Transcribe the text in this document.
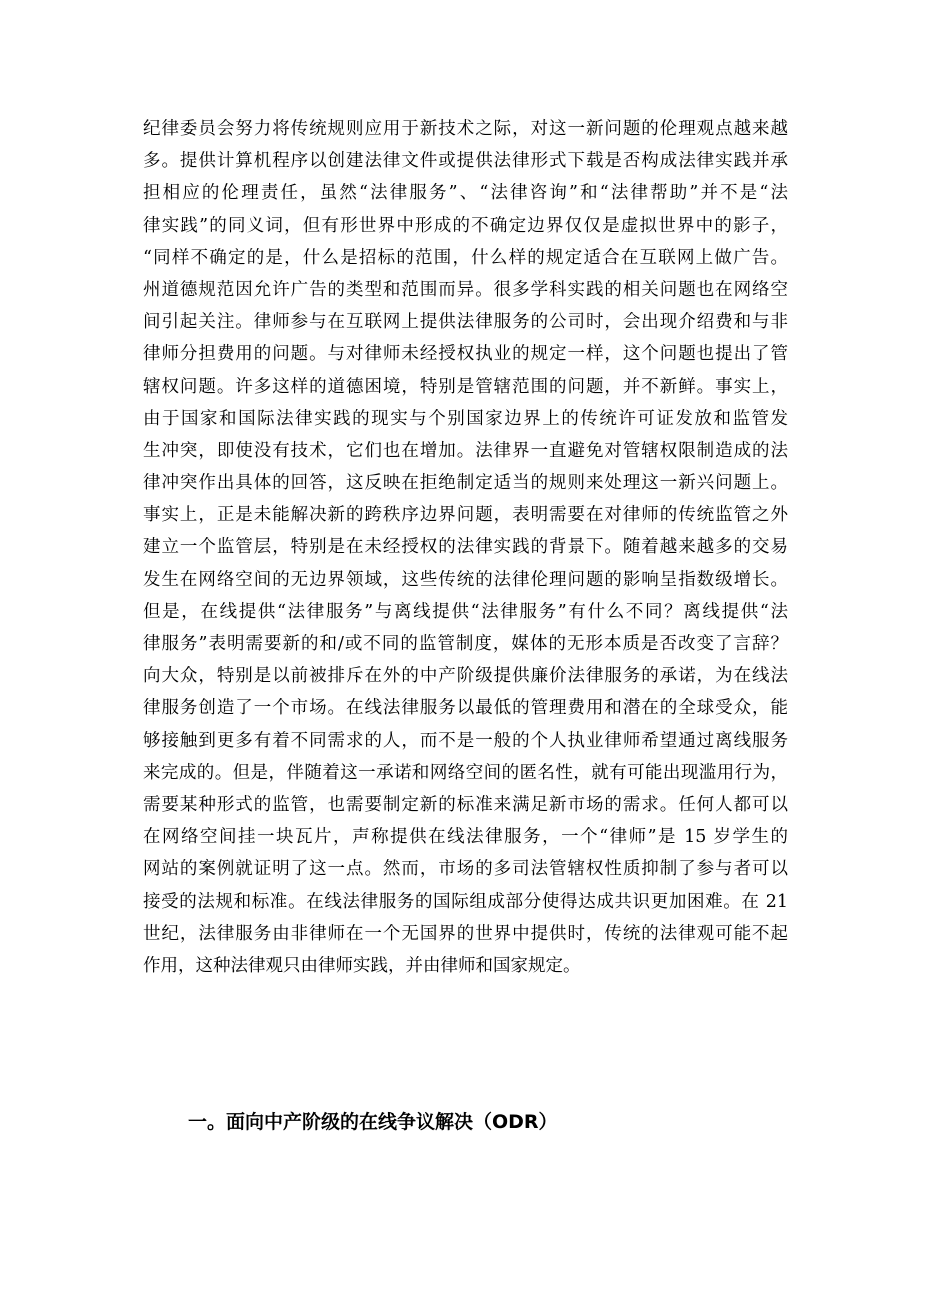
纪律委员会努力将传统规则应用于新技术之际，对这一新问题的伦理观点越来越
多。提供计算机程序以创建法律文件或提供法律形式下载是否构成法律实践并承
担相应的伦理责任，虽然“法律服务”、“法律咨询”和“法律帮助”并不是“法
律实践”的同义词，但有形世界中形成的不确定边界仅仅是虚拟世界中的影子，
“同样不确定的是，什么是招标的范围，什么样的规定适合在互联网上做广告。
州道德规范因允许广告的类型和范围而异。很多学科实践的相关问题也在网络空
间引起关注。律师参与在互联网上提供法律服务的公司时，会出现介绍费和与非
律师分担费用的问题。与对律师未经授权执业的规定一样，这个问题也提出了管
辖权问题。许多这样的道德困境，特别是管辖范围的问题，并不新鲜。事实上，
由于国家和国际法律实践的现实与个别国家边界上的传统许可证发放和监管发
生冲突，即使没有技术，它们也在增加。法律界一直避免对管辖权限制造成的法
律冲突作出具体的回答，这反映在拒绝制定适当的规则来处理这一新兴问题上。
事实上，正是未能解决新的跨秩序边界问题，表明需要在对律师的传统监管之外
建立一个监管层，特别是在未经授权的法律实践的背景下。随着越来越多的交易
发生在网络空间的无边界领域，这些传统的法律伦理问题的影响呈指数级增长。
但是，在线提供“法律服务”与离线提供“法律服务”有什么不同？离线提供“法
律服务”表明需要新的和/或不同的监管制度，媒体的无形本质是否改变了言辞？
向大众，特别是以前被排斥在外的中产阶级提供廉价法律服务的承诺，为在线法
律服务创造了一个市场。在线法律服务以最低的管理费用和潜在的全球受众，能
够接触到更多有着不同需求的人，而不是一般的个人执业律师希望通过离线服务
来完成的。但是，伴随着这一承诺和网络空间的匿名性，就有可能出现滥用行为，
需要某种形式的监管，也需要制定新的标准来满足新市场的需求。任何人都可以
在网络空间挂一块瓦片，声称提供在线法律服务，一个“律师”是 15 岁学生的
网站的案例就证明了这一点。然而，市场的多司法管辖权性质抑制了参与者可以
接受的法规和标准。在线法律服务的国际组成部分使得达成共识更加困难。在 21
世纪，法律服务由非律师在一个无国界的世界中提供时，传统的法律观可能不起
作用，这种法律观只由律师实践，并由律师和国家规定。
一。面向中产阶级的在线争议解决（ODR）
